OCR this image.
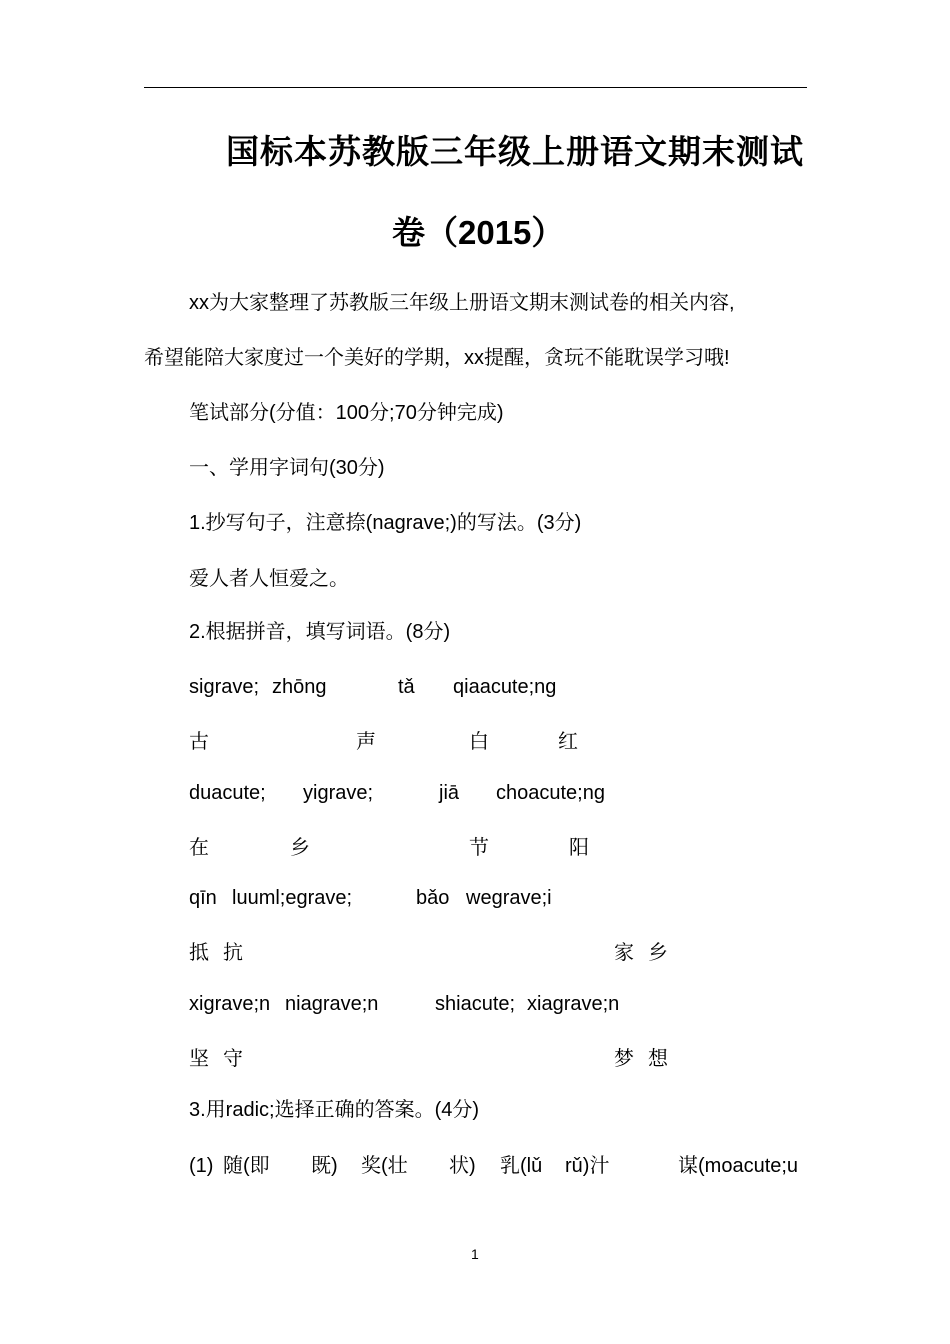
国标本苏教版三年级上册语文期末测试
卷（2015）
xx为大家整理了苏教版三年级上册语文期末测试卷的相关内容,
希望能陪大家度过一个美好的学期，xx提醒，贪玩不能耽误学习哦!
笔试部分(分值：100分;70分钟完成)
一、学用字词句(30分)
1.抄写句子，注意捺(nagrave;)的写法。(3分)
爱人者人恒爱之。
2.根据拼音，填写词语。(8分)
sigrave; zhōng	tǎ qiaacute;ng
古	声	白	红
duacute; yigrave;	jiā choacute;ng
在	乡	节	阳
qīn luuml;egrave;	bǎo wegrave;i
抵 抗	家 乡
xigrave;n niagrave;n	shiacute; xiagrave;n
坚 守	梦 想
3.用radic;选择正确的答案。(4分)
(1) 随(即 既) 奖(壮 状) 乳(lǔ rǔ)汁	谋(moacute;u
1
